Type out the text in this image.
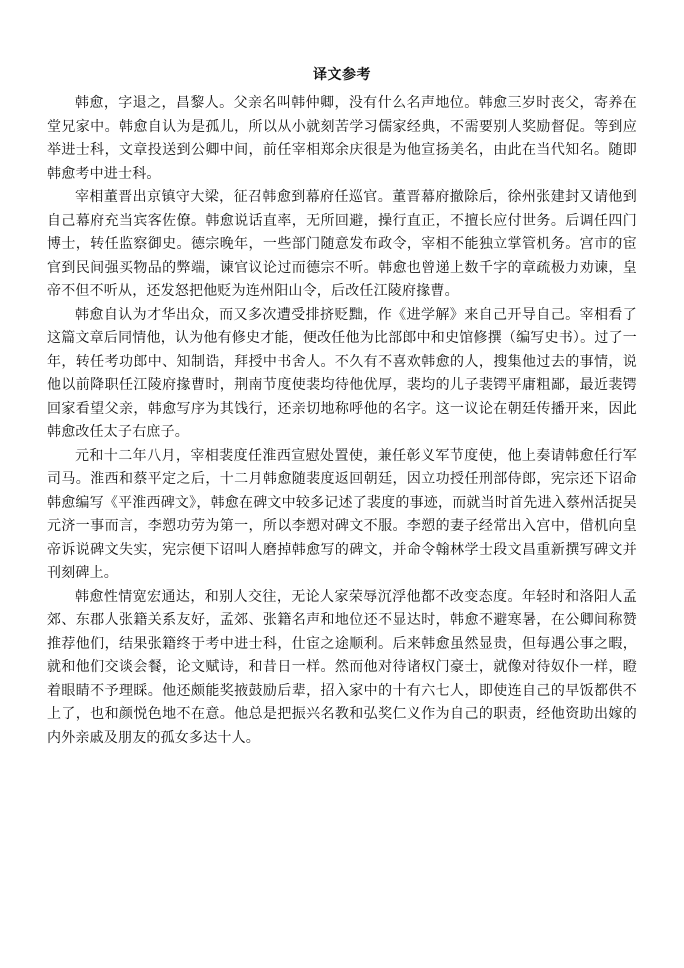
译文参考

韩愈，字退之，昌黎人。父亲名叫韩仲卿，没有什么名声地位。韩愈三岁时丧父，寄养在堂兄家中。韩愈自认为是孤儿，所以从小就刻苦学习儒家经典，不需要别人奖励督促。等到应举进士科，文章投送到公卿中间，前任宰相郑余庆很是为他宣扬美名，由此在当代知名。随即韩愈考中进士科。

宰相董晋出京镇守大梁，征召韩愈到幕府任巡官。董晋幕府撤除后，徐州张建封又请他到自己幕府充当宾客佐僚。韩愈说话直率，无所回避，操行直正，不擅长应付世务。后调任四门博士，转任监察御史。德宗晚年，一些部门随意发布政令，宰相不能独立掌管机务。宫市的宦官到民间强买物品的弊端，谏官议论过而德宗不听。韩愈也曾递上数千字的章疏极力劝谏，皇帝不但不听从，还发怒把他贬为连州阳山令，后改任江陵府掾曹。

韩愈自认为才华出众，而又多次遭受排挤贬黜，作《进学解》来自己开导自己。宰相看了这篇文章后同情他，认为他有修史才能，便改任他为比部郎中和史馆修撰（编写史书）。过了一年，转任考功郎中、知制诰，拜授中书舍人。不久有不喜欢韩愈的人，搜集他过去的事情，说他以前降职任江陵府掾曹时，荆南节度使裴均待他优厚，裴均的儿子裴锷平庸粗鄙，最近裴锷回家看望父亲，韩愈写序为其饯行，还亲切地称呼他的名字。这一议论在朝廷传播开来，因此韩愈改任太子右庶子。

元和十二年八月，宰相裴度任淮西宣慰处置使，兼任彰义军节度使，他上奏请韩愈任行军司马。淮西和蔡平定之后，十二月韩愈随裴度返回朝廷，因立功授任刑部侍郎，宪宗还下诏命韩愈编写《平淮西碑文》，韩愈在碑文中较多记述了裴度的事迹，而就当时首先进入蔡州活捉吴元济一事而言，李愬功劳为第一，所以李愬对碑文不服。李愬的妻子经常出入宫中，借机向皇帝诉说碑文失实，宪宗便下诏叫人磨掉韩愈写的碑文，并命令翰林学士段文昌重新撰写碑文并刊刻碑上。

韩愈性情宽宏通达，和别人交往，无论人家荣辱沉浮他都不改变态度。年轻时和洛阳人孟郊、东郡人张籍关系友好，孟郊、张籍名声和地位还不显达时，韩愈不避寒暑，在公卿间称赞推荐他们，结果张籍终于考中进士科，仕宦之途顺利。后来韩愈虽然显贵，但每遇公事之暇，就和他们交谈会餐，论文赋诗，和昔日一样。然而他对待诸权门豪士，就像对待奴仆一样，瞪着眼睛不予理睬。他还颇能奖掖鼓励后辈，招入家中的十有六七人，即使连自己的早饭都供不上了，也和颜悦色地不在意。他总是把振兴名教和弘奖仁义作为自己的职责，经他资助出嫁的内外亲戚及朋友的孤女多达十人。
